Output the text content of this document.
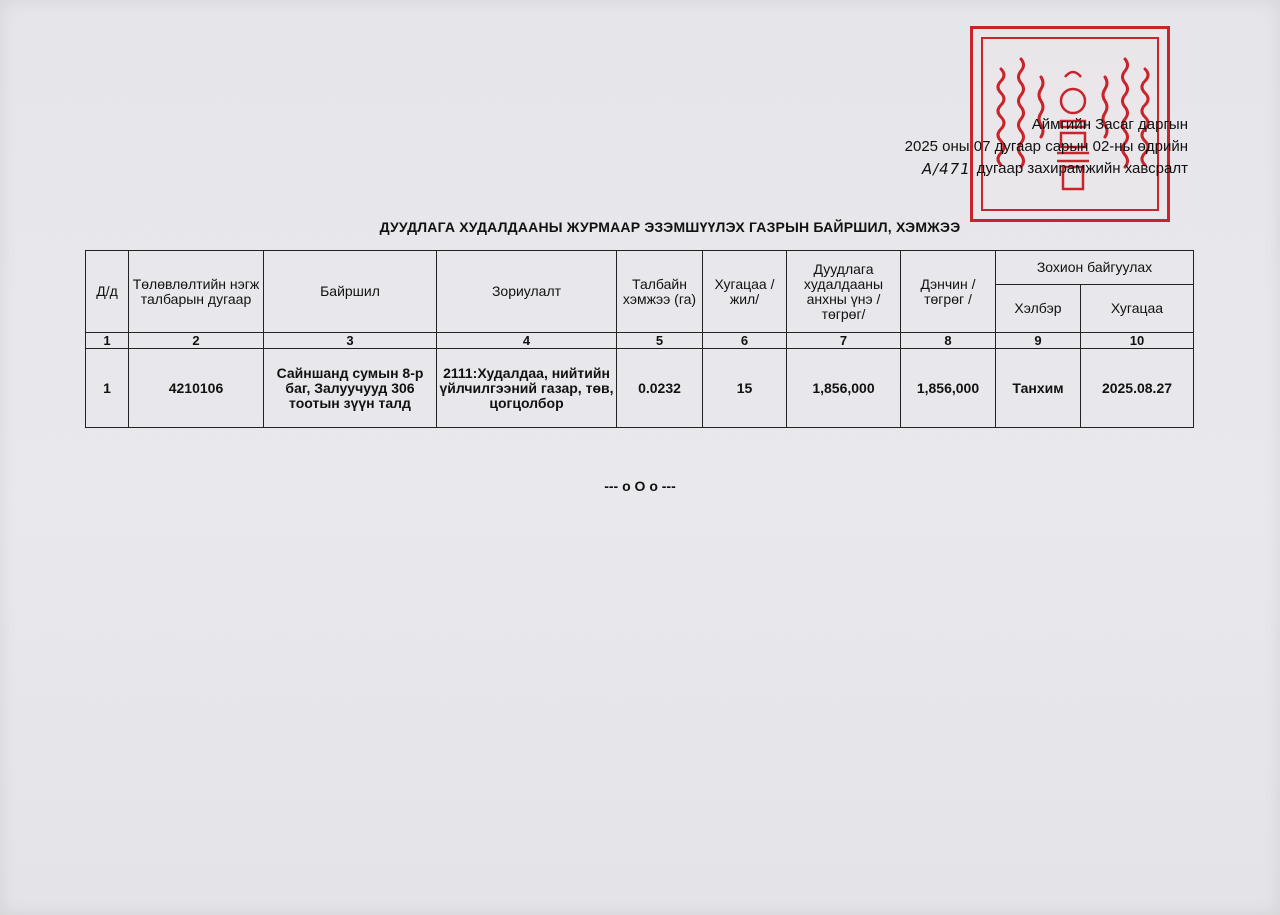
Аймгийн Засаг даргын
2025 оны 07 дугаар сарын 02-ны өдрийн
А/471 дугаар захирамжийн хавсралт
ДУУДЛАГА ХУДАЛДААНЫ ЖУРМААР ЭЗЭМШҮҮЛЭХ ГАЗРЫН БАЙРШИЛ, ХЭМЖЭЭ
Д/д	Төлөвлөлтийн нэгж талбарын дугаар	Байршил	Зориулалт	Талбайн хэмжээ (га)	Хугацаа /жил/	Дуудлага худалдааны анхны үнэ /төгрөг/	Дэнчин /төгрөг /	Зохион байгуулах	
								Хэлбэр	Хугацаа
1	2	3	4	5	6	7	8	9	10
1	4210106	Сайншанд сумын 8-р баг, Залуучууд 306 тоотын зүүн талд	2111:Худалдаа, нийтийн үйлчилгээний газар, төв, цогцолбор	0.0232	15	1,856,000	1,856,000	Танхим	2025.08.27
--- o O o ---
